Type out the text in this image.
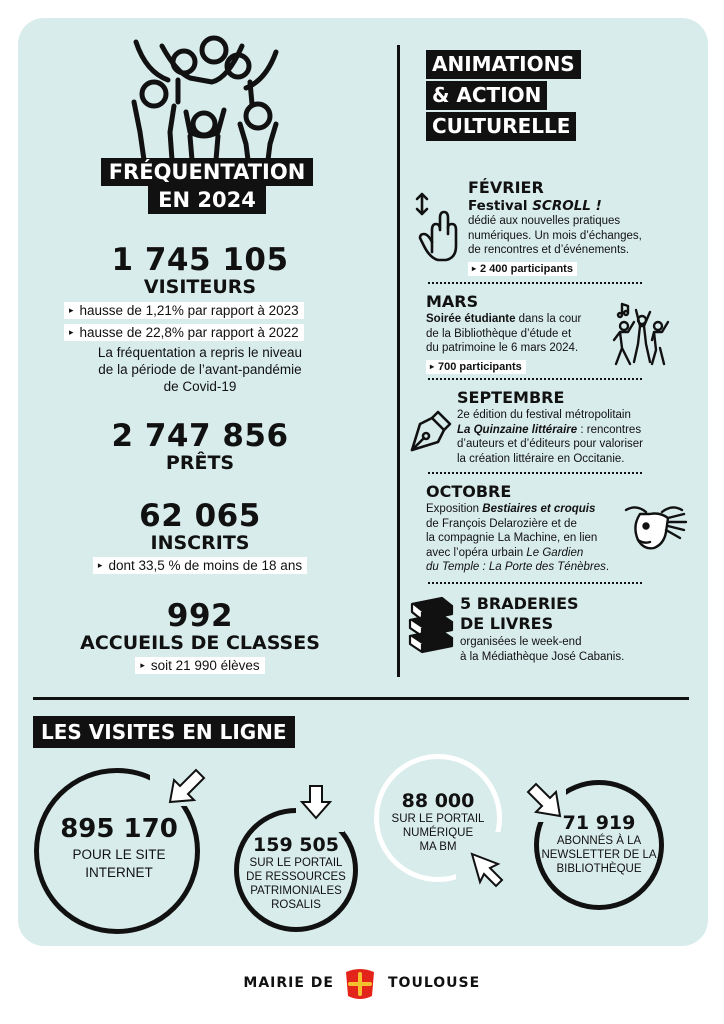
FRÉQUENTATION
EN 2024
1 745 105
VISITEURS
▸ hausse de 1,21% par rapport à 2023
▸ hausse de 22,8% par rapport à 2022
La fréquentation a repris le niveau
de la période de l’avant-pandémie
de Covid-19
2 747 856
PRÊTS
62 065
INSCRITS
▸ dont 33,5 % de moins de 18 ans
992
ACCUEILS DE CLASSES
▸ soit 21 990 élèves
ANIMATIONS
& ACTION
CULTURELLE
FÉVRIER
Festival SCROLL !
dédié aux nouvelles pratiques
numériques. Un mois d’échanges,
de rencontres et d’événements.
▸ 2 400 participants
MARS
Soirée étudiante dans la cour
de la Bibliothèque d’étude et
du patrimoine le 6 mars 2024.
▸ 700 participants
SEPTEMBRE
2e édition du festival métropolitain
La Quinzaine littéraire : rencontres
d’auteurs et d’éditeurs pour valoriser
la création littéraire en Occitanie.
OCTOBRE
Exposition Bestiaires et croquis
de François Delarozière et de
la compagnie La Machine, en lien
avec l’opéra urbain Le Gardien
du Temple : La Porte des Ténèbres.
5 BRADERIES
DE LIVRES
organisées le week-end
à la Médiathèque José Cabanis.
LES VISITES EN LIGNE
895 170
POUR LE SITE
INTERNET
159 505
SUR LE PORTAIL
DE RESSOURCES
PATRIMONIALES
ROSALIS
88 000
SUR LE PORTAIL
NUMÉRIQUE
MA BM
71 919
ABONNÉS À LA
NEWSLETTER DE LA
BIBLIOTHÈQUE
MAIRIE DE	TOULOUSE
